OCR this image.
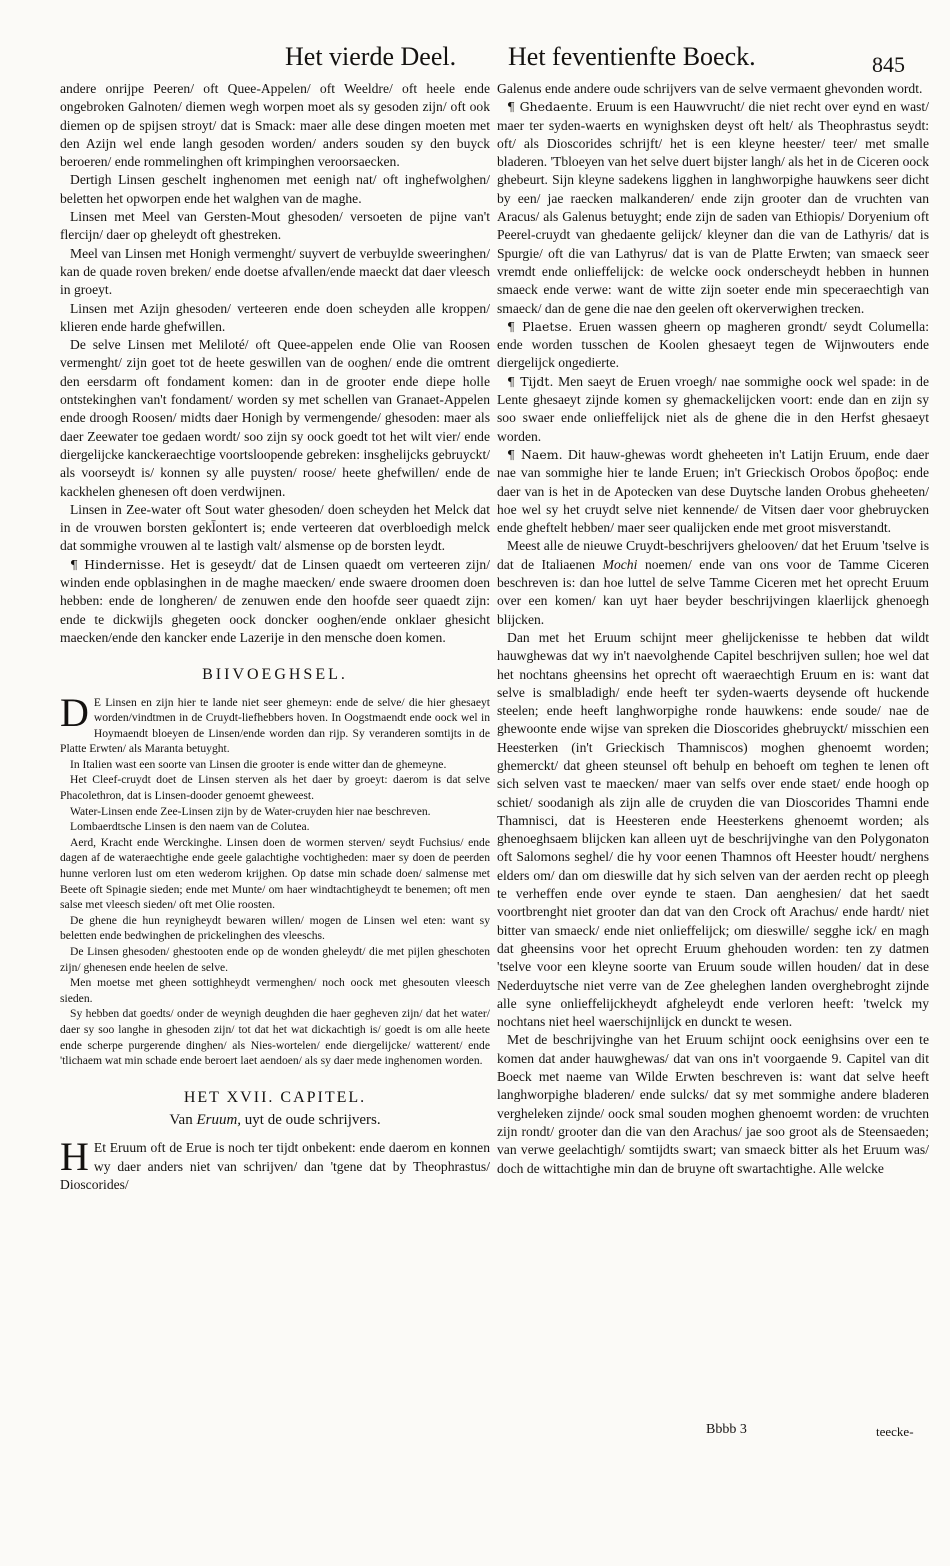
Het vierde Deel. Het feventienfte Boeck.	845

andere onrijpe Peeren/ oft Quee-Appelen/ oft Weeldre/ oft heele ende ongebroken Galnoten/ diemen wegh worpen moet als sy gesoden zijn/ oft ook diemen op de spijsen stroyt/ dat is Smack: maer alle dese dingen moeten met den Azijn wel ende langh gesoden worden/ anders souden sy den buyck beroeren/ ende rommelinghen oft krimpinghen veroorsaecken.

Dertigh Linsen geschelt inghenomen met eenigh nat/ oft inghefwolghen/ beletten het opworpen ende het walghen van de maghe.

Linsen met Meel van Gersten-Mout ghesoden/ versoeten de pijne van't flercijn/ daer op gheleydt oft ghestreken.

Meel van Linsen met Honigh vermenght/ suyvert de verbuylde sweeringhen/ kan de quade roven breken/ ende doetse afvallen/ende maeckt dat daer vleesch in groeyt.

Linsen met Azijn ghesoden/ verteeren ende doen scheyden alle kroppen/ klieren ende harde ghefwillen.

De selve Linsen met Meliloté/ oft Quee-appelen ende Olie van Roosen vermenght/ zijn goet tot de heete geswillen van de ooghen/ ende die omtrent den eersdarm oft fondament komen: dan in de grooter ende diepe holle ontstekinghen van't fondament/ worden sy met schellen van Granaet-Appelen ende droogh Roosen/ midts daer Honigh by vermengende/ ghesoden: maer als daer Zeewater toe gedaen wordt/ soo zijn sy oock goedt tot het wilt vier/ ende diergelijcke kanckeraechtige voortsloopende gebreken: insghelijcks gebruyckt/ als voorseydt is/ konnen sy alle puysten/ roose/ heete ghefwillen/ ende de kackhelen ghenesen oft doen verdwijnen.

Linsen in Zee-water oft Sout water ghesoden/ doen scheyden het Melck dat in de vrouwen borsten gekl̄ontert is; ende verteeren dat overbloedigh melck dat sommighe vrouwen al te lastigh valt/ alsmense op de borsten leydt.

¶ Hindernisse. Het is geseydt/ dat de Linsen quaedt om verteeren zijn/ winden ende opblasinghen in de maghe maecken/ ende swaere droomen doen hebben: ende de longheren/ de zenuwen ende den hoofde seer quaedt zijn: ende te dickwijls ghegeten oock doncker ooghen/ende onklaer ghesicht maecken/ende den kancker ende Lazerije in den mensche doen komen.

BIIVOEGHSEL.

D E Linsen en zijn hier te lande niet seer ghemeyn: ende de selve/ die hier ghesaeyt worden/vindtmen in de Cruydt-liefhebbers hoven. In Oogstmaendt ende oock wel in Hoymaendt bloeyen de Linsen/ende worden dan rijp. Sy veranderen somtijts in de Platte Erwten/ als Maranta betuyght.

In Italien wast een soorte van Linsen die grooter is ende witter dan de ghemeyne.

Het Cleef-cruydt doet de Linsen sterven als het daer by groeyt: daerom is dat selve Phacolethron, dat is Linsen-dooder genoemt gheweest.

Water-Linsen ende Zee-Linsen zijn by de Water-cruyden hier nae beschreven.

Lombaerdtsche Linsen is den naem van de Colutea.

Aerd, Kracht ende Werckinghe. Linsen doen de wormen sterven/ seydt Fuchsius/ ende dagen af de wateraechtighe ende geele galachtighe vochtigheden: maer sy doen de peerden hunne verloren lust om eten wederom krijghen. Op datse min schade doen/ salmense met Beete oft Spinagie sieden; ende met Munte/ om haer windtachtigheydt te benemen; oft men salse met vleesch sieden/ oft met Olie roosten.

De ghene die hun reynigheydt bewaren willen/ mogen de Linsen wel eten: want sy beletten ende bedwinghen de prickelinghen des vleeschs.

De Linsen ghesoden/ ghestooten ende op de wonden gheleydt/ die met pijlen gheschoten zijn/ ghenesen ende heelen de selve.

Men moetse met gheen sottighheydt vermenghen/ noch oock met ghesouten vleesch sieden.

Sy hebben dat goedts/ onder de weynigh deughden die haer gegheven zijn/ dat het water/ daer sy soo langhe in ghesoden zijn/ tot dat het wat dickachtigh is/ goedt is om alle heete ende scherpe purgerende dinghen/ als Nies-wortelen/ ende diergelijcke/ watterent/ ende 'tlichaem wat min schade ende beroert laet aendoen/ als sy daer mede inghenomen worden.

HET XVII. CAPITEL.
Van Eruum, uyt de oude schrijvers.

H Et Eruum oft de Erue is noch ter tijdt onbekent: ende daerom en konnen wy daer anders niet van schrijven/ dan 'tgene dat by Theophrastus/ Dioscorides/

Galenus ende andere oude schrijvers van de selve vermaent ghevonden wordt.

¶ Ghedaente. Eruum is een Hauwvrucht/ die niet recht over eynd en wast/ maer ter syden-waerts en wynighsken deyst oft helt/ als Theophrastus seydt: oft/ als Dioscorides schrijft/ het is een kleyne heester/ teer/ met smalle bladeren. 'Tbloeyen van het selve duert bijster langh/ als het in de Ciceren oock ghebeurt. Sijn kleyne sadekens ligghen in langhworpighe hauwkens seer dicht by een/ jae raecken malkanderen/ ende zijn grooter dan de vruchten van Aracus/ als Galenus betuyght; ende zijn de saden van Ethiopis/ Doryenium oft Peerel-cruydt van ghedaente gelijck/ kleyner dan die van de Lathyris/ dat is Spurgie/ oft die van Lathyrus/ dat is van de Platte Erwten; van smaeck seer vremdt ende onlieffelijck: de welcke oock onderscheydt hebben in hunnen smaeck ende verwe: want de witte zijn soeter ende min speceraechtigh van smaeck/ dan de gene die nae den geelen oft okerverwighen trecken.

¶ Plaetse. Eruen wassen gheern op magheren grondt/ seydt Columella: ende worden tusschen de Koolen ghesaeyt tegen de Wijnwouters ende diergelijck ongedierte.

¶ Tijdt. Men saeyt de Eruen vroegh/ nae sommighe oock wel spade: in de Lente ghesaeyt zijnde komen sy ghemackelijcken voort: ende dan en zijn sy soo swaer ende onlieffelijck niet als de ghene die in den Herfst ghesaeyt worden.

¶ Naem. Dit hauw-ghewas wordt gheheeten in't Latijn Eruum, ende daer nae van sommighe hier te lande Eruen; in't Grieckisch Orobos ὄροβος: ende daer van is het in de Apotecken van dese Duytsche landen Orobus gheheeten/ hoe wel sy het cruydt selve niet kennende/ de Vitsen daer voor ghebruycken ende gheftelt hebben/ maer seer qualijcken ende met groot misverstandt.

Meest alle de nieuwe Cruydt-beschrijvers ghelooven/ dat het Eruum 'tselve is dat de Italiaenen Mochi noemen/ ende van ons voor de Tamme Ciceren beschreven is: dan hoe luttel de selve Tamme Ciceren met het oprecht Eruum over een komen/ kan uyt haer beyder beschrijvingen klaerlijck ghenoegh blijcken.

Dan met het Eruum schijnt meer ghelijckenisse te hebben dat wildt hauwghewas dat wy in't naevolghende Capitel beschrijven sullen; hoe wel dat het nochtans gheensins het oprecht oft waeraechtigh Eruum en is: want dat selve is smalbladigh/ ende heeft ter syden-waerts deysende oft huckende steelen; ende heeft langhworpighe ronde hauwkens: ende soude/ nae de ghewoonte ende wijse van spreken die Dioscorides ghebruyckt/ misschien een Heesterken (in't Grieckisch Thamniscos) moghen ghenoemt worden; ghemerckt/ dat gheen steunsel oft behulp en behoeft om teghen te lenen oft sich selven vast te maecken/ maer van selfs over ende staet/ ende hoogh op schiet/ soodanigh als zijn alle de cruyden die van Dioscorides Thamni ende Thamnisci, dat is Heesteren ende Heesterkens ghenoemt worden; als ghenoeghsaem blijcken kan alleen uyt de beschrijvinghe van den Polygonaton oft Salomons seghel/ die hy voor eenen Thamnos oft Heester houdt/ nerghens elders om/ dan om dieswille dat hy sich selven van der aerden recht op pleegh te verheffen ende over eynde te staen. Dan aenghesien/ dat het saedt voortbrenght niet grooter dan dat van den Crock oft Arachus/ ende hardt/ niet bitter van smaeck/ ende niet onlieffelijck; om dieswille/ segghe ick/ en magh dat gheensins voor het oprecht Eruum ghehouden worden: ten zy datmen 'tselve voor een kleyne soorte van Eruum soude willen houden/ dat in dese Nederduytsche niet verre van de Zee gheleghen landen overghebroght zijnde alle syne onlieffelijckheydt afgheleydt ende verloren heeft: 'twelck my nochtans niet heel waerschijnlijck en dunckt te wesen.

Met de beschrijvinghe van het Eruum schijnt oock eenighsins over een te komen dat ander hauwghewas/ dat van ons in't voorgaende 9. Capitel van dit Boeck met naeme van Wilde Erwten beschreven is: want dat selve heeft langhworpighe bladeren/ ende sulcks/ dat sy met sommighe andere bladeren vergheleken zijnde/ oock smal souden moghen ghenoemt worden: de vruchten zijn rondt/ grooter dan die van den Arachus/ jae soo groot als de Steensaeden; van verwe geelachtigh/ somtijdts swart; van smaeck bitter als het Eruum was/ doch de wittachtighe min dan de bruyne oft swartachtighe. Alle welcke

Bbbb 3	teecke-
